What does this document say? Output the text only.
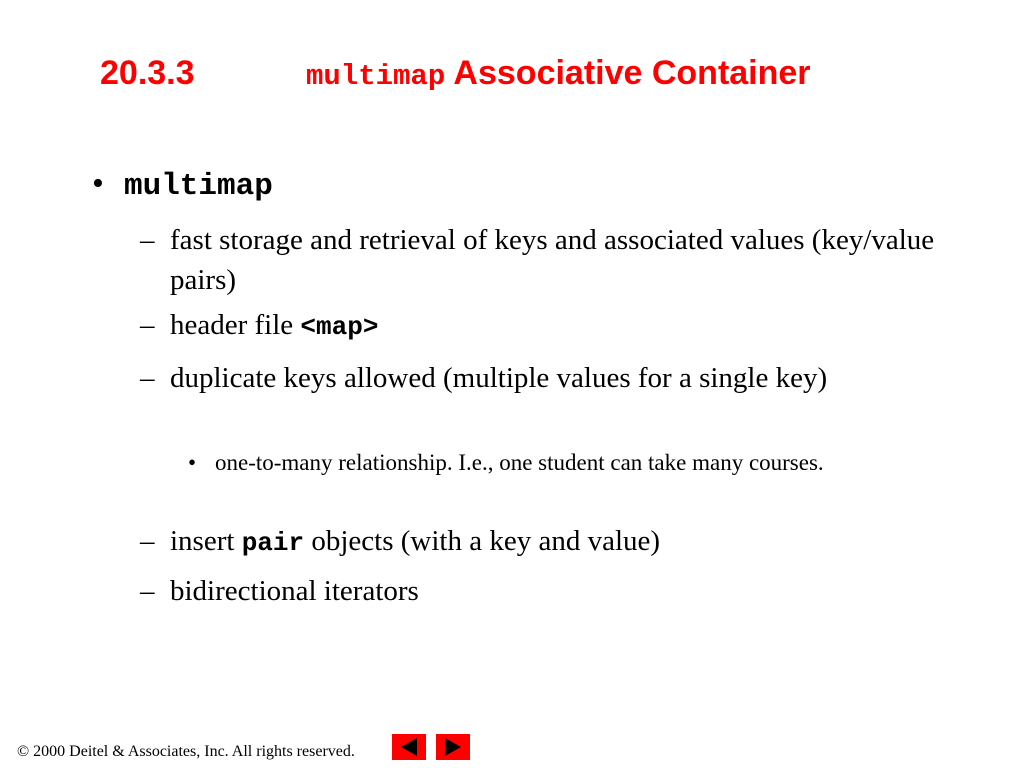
20.3.3	multimap Associative Container
• multimap
– fast storage and retrieval of keys and associated values (key/value pairs)
– header file <map>
– duplicate keys allowed (multiple values for a single key)
• one-to-many relationship. I.e., one student can take many courses.
– insert pair objects (with a key and value)
– bidirectional iterators
© 2000 Deitel & Associates, Inc. All rights reserved.
